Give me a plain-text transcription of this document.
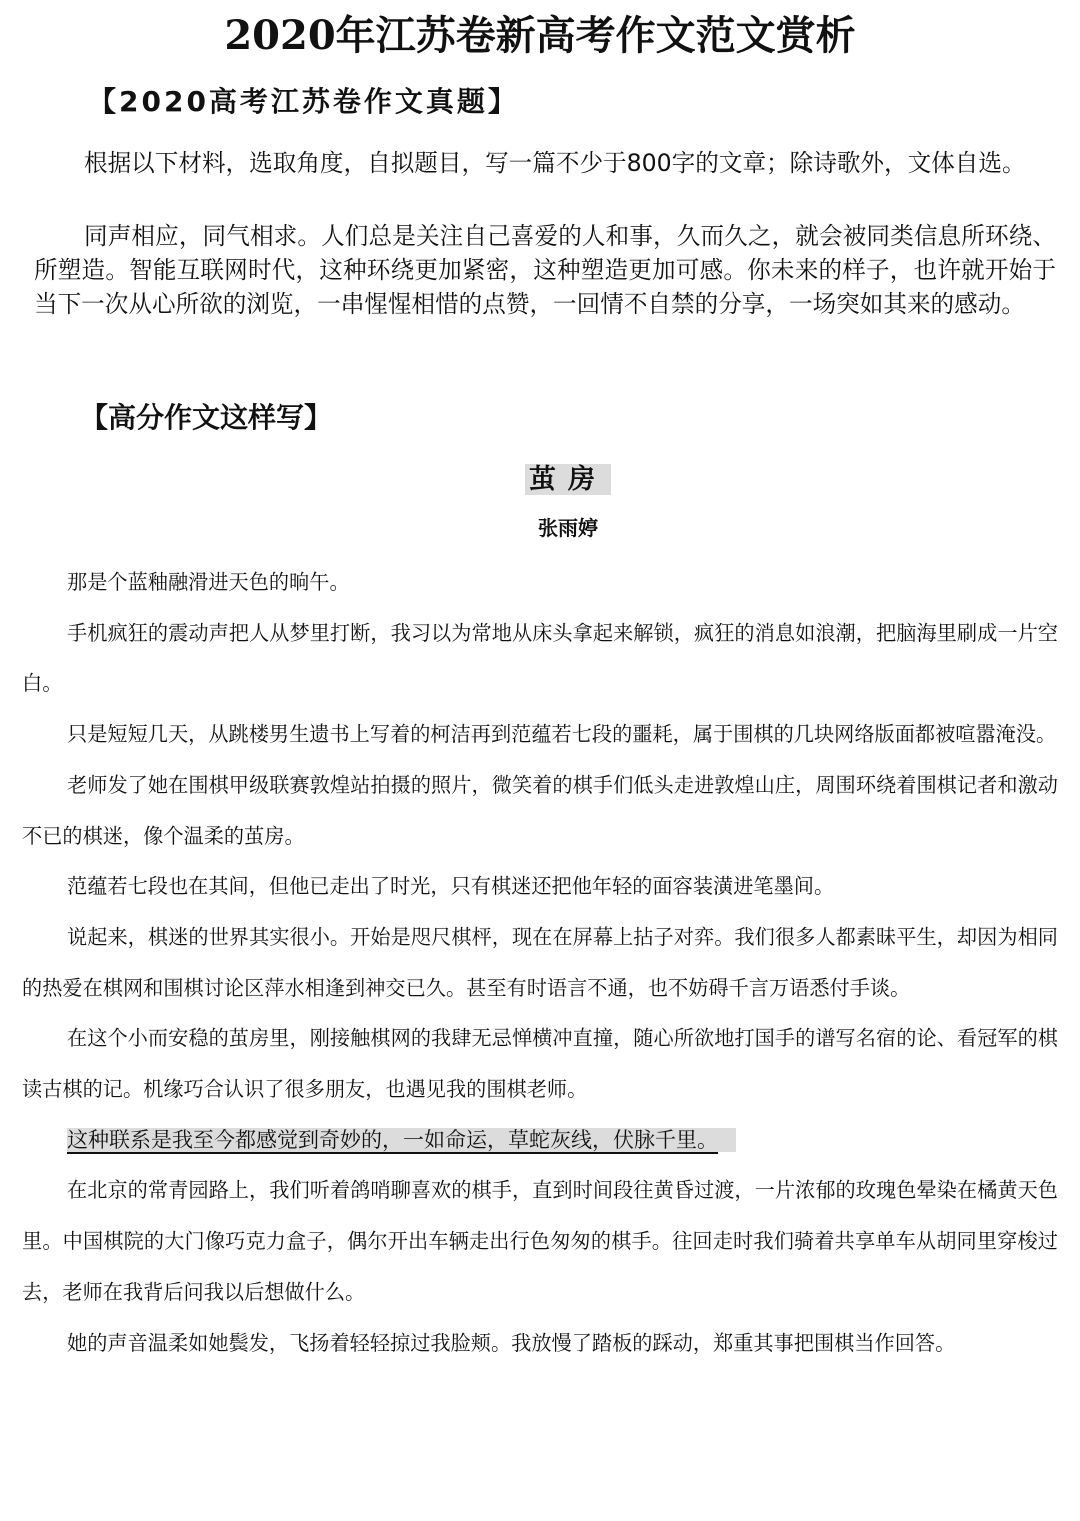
2020年江苏卷新高考作文范文赏析
【2020高考江苏卷作文真题】

根据以下材料，选取角度，自拟题目，写一篇不少于800字的文章；除诗歌外，文体自选。

同声相应，同气相求。人们总是关注自己喜爱的人和事，久而久之，就会被同类信息所环绕、所塑造。智能互联网时代，这种环绕更加紧密，这种塑造更加可感。你未来的样子，也许就开始于当下一次从心所欲的浏览，一串惺惺相惜的点赞，一回情不自禁的分享，一场突如其来的感动。

【高分作文这样写】
茧房
张雨婷

那是个蓝釉融滑进天色的晌午。

手机疯狂的震动声把人从梦里打断，我习以为常地从床头拿起来解锁，疯狂的消息如浪潮，把脑海里刷成一片空白。

只是短短几天，从跳楼男生遗书上写着的柯洁再到范蕴若七段的噩耗，属于围棋的几块网络版面都被喧嚣淹没。

老师发了她在围棋甲级联赛敦煌站拍摄的照片，微笑着的棋手们低头走进敦煌山庄，周围环绕着围棋记者和激动不已的棋迷，像个温柔的茧房。

范蕴若七段也在其间，但他已走出了时光，只有棋迷还把他年轻的面容装潢进笔墨间。

说起来，棋迷的世界其实很小。开始是咫尺棋枰，现在在屏幕上拈子对弈。我们很多人都素昧平生，却因为相同的热爱在棋网和围棋讨论区萍水相逢到神交已久。甚至有时语言不通，也不妨碍千言万语悉付手谈。

在这个小而安稳的茧房里，刚接触棋网的我肆无忌惮横冲直撞，随心所欲地打国手的谱写名宿的论、看冠军的棋读古棋的记。机缘巧合认识了很多朋友，也遇见我的围棋老师。

这种联系是我至今都感觉到奇妙的，一如命运，草蛇灰线，伏脉千里。

在北京的常青园路上，我们听着鸽哨聊喜欢的棋手，直到时间段往黄昏过渡，一片浓郁的玫瑰色晕染在橘黄天色里。中国棋院的大门像巧克力盒子，偶尔开出车辆走出行色匆匆的棋手。往回走时我们骑着共享单车从胡同里穿梭过去，老师在我背后问我以后想做什么。

她的声音温柔如她鬓发，飞扬着轻轻掠过我脸颊。我放慢了踏板的踩动，郑重其事把围棋当作回答。
